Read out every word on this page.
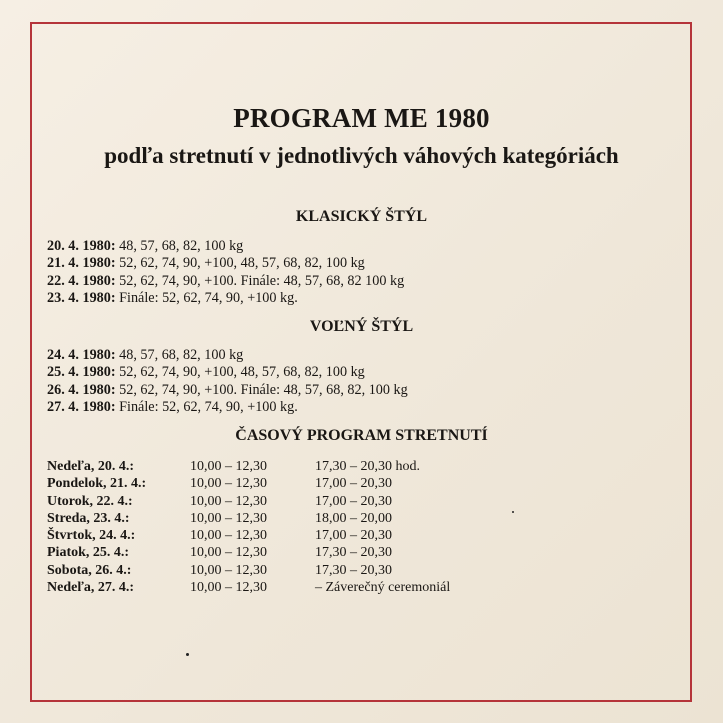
PROGRAM ME 1980
podľa stretnutí v jednotlivých váhových kategóriách
KLASICKÝ ŠTÝL
20. 4. 1980: 48, 57, 68, 82, 100 kg
21. 4. 1980: 52, 62, 74, 90, +100, 48, 57, 68, 82, 100 kg
22. 4. 1980: 52, 62, 74, 90, +100. Finále: 48, 57, 68, 82 100 kg
23. 4. 1980: Finále: 52, 62, 74, 90, +100 kg.
VOĽNÝ ŠTÝL
24. 4. 1980: 48, 57, 68, 82, 100 kg
25. 4. 1980: 52, 62, 74, 90, +100, 48, 57, 68, 82, 100 kg
26. 4. 1980: 52, 62, 74, 90, +100. Finále: 48, 57, 68, 82, 100 kg
27. 4. 1980: Finále: 52, 62, 74, 90, +100 kg.
ČASOVÝ PROGRAM STRETNUTÍ
Nedeľa, 20. 4.:	10,00 – 12,30	17,30 – 20,30 hod.
Pondelok, 21. 4.:	10,00 – 12,30	17,00 – 20,30
Utorok, 22. 4.:	10,00 – 12,30	17,00 – 20,30
Streda, 23. 4.:	10,00 – 12,30	18,00 – 20,00
Štvrtok, 24. 4.:	10,00 – 12,30	17,00 – 20,30
Piatok, 25. 4.:	10,00 – 12,30	17,30 – 20,30
Sobota, 26. 4.:	10,00 – 12,30	17,30 – 20,30
Nedeľa, 27. 4.:	10,00 – 12,30	– Záverečný ceremoniál
